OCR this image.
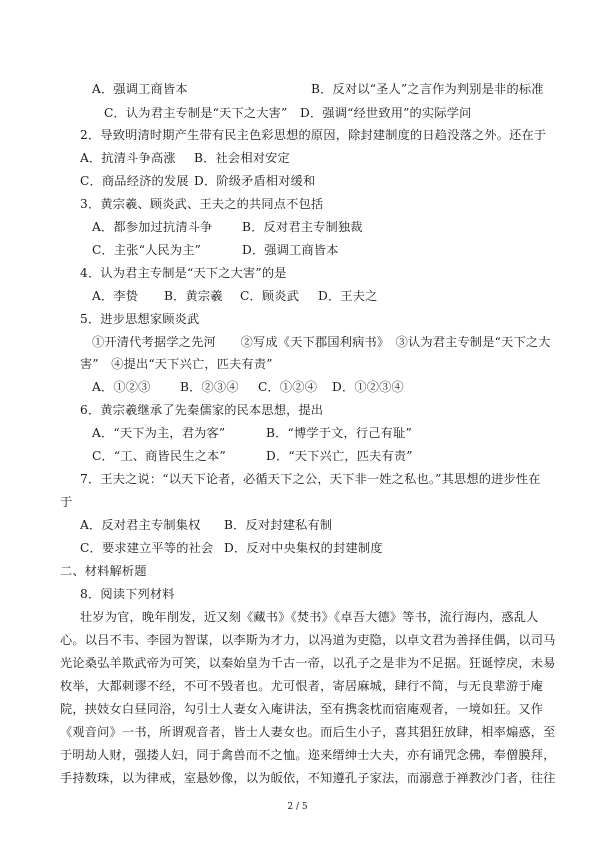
A．强调工商皆本	B．反对以“圣人”之言作为判别是非的标准
C．认为君主专制是“天下之大害” D．强调“经世致用”的实际学问
2．导致明清时期产生带有民主色彩思想的原因，除封建制度的日趋没落之外。还在于
A．抗清斗争高涨 B．社会相对安定
C．商品经济的发展 D．阶级矛盾相对缓和
3．黄宗羲、顾炎武、王夫之的共同点不包括
A．都参加过抗清斗争 B．反对君主专制独裁
C．主张“人民为主”	D．强调工商皆本
4．认为君主专制是“天下之大害”的是
A．李贽 B．黄宗羲 C．顾炎武 D．王夫之
5．进步思想家顾炎武
①开清代考据学之先河　　②写成《天下郡国利病书》　③认为君主专制是“天下之大
害”　④提出“天下兴亡，匹夫有责”
A．①②③ B．②③④ C．①②④ D．①②③④
6．黄宗羲继承了先秦儒家的民本思想，提出
A．“天下为主，君为客”	B．“博学于文，行己有耻”
C．“工、商皆民生之本”	D．“天下兴亡，匹夫有责”
7．王夫之说：“以天下论者，必循天下之公，天下非一姓之私也。”其思想的进步性在
于
A．反对君主专制集权 B．反对封建私有制
C．要求建立平等的社会 D．反对中央集权的封建制度
二、材料解析题
8．阅读下列材料
壮岁为官，晚年削发，近又刻《藏书》《焚书》《卓吾大德》等书，流行海内，惑乱人
心。以吕不韦、李园为智谋，以李斯为才力，以冯道为吏隐，以卓文君为善择佳偶，以司马
光论桑弘羊欺武帝为可笑，以秦始皇为千古一帝，以孔子之是非为不足据。狂诞悖戾，未易
枚举，大都刺谬不经，不可不毁者也。尤可恨者，寄居麻城，肆行不简，与无良辈游于庵
院，挟妓女白昼同浴，勾引士人妻女入庵讲法，至有携衾枕而宿庵观者，一境如狂。又作
《观音问》一书，所谓观音者，皆士人妻女也。而后生小子，喜其猖狂放肆，相率煽惑，至
于明劫人财，强搂人妇，同于禽兽而不之恤。迩来缙绅士大夫，亦有诵咒念佛，奉僧膜拜，
手持数珠，以为律戒，室悬妙像，以为皈依，不知遵孔子家法，而溺意于禅教沙门者，往往
2 / 5
